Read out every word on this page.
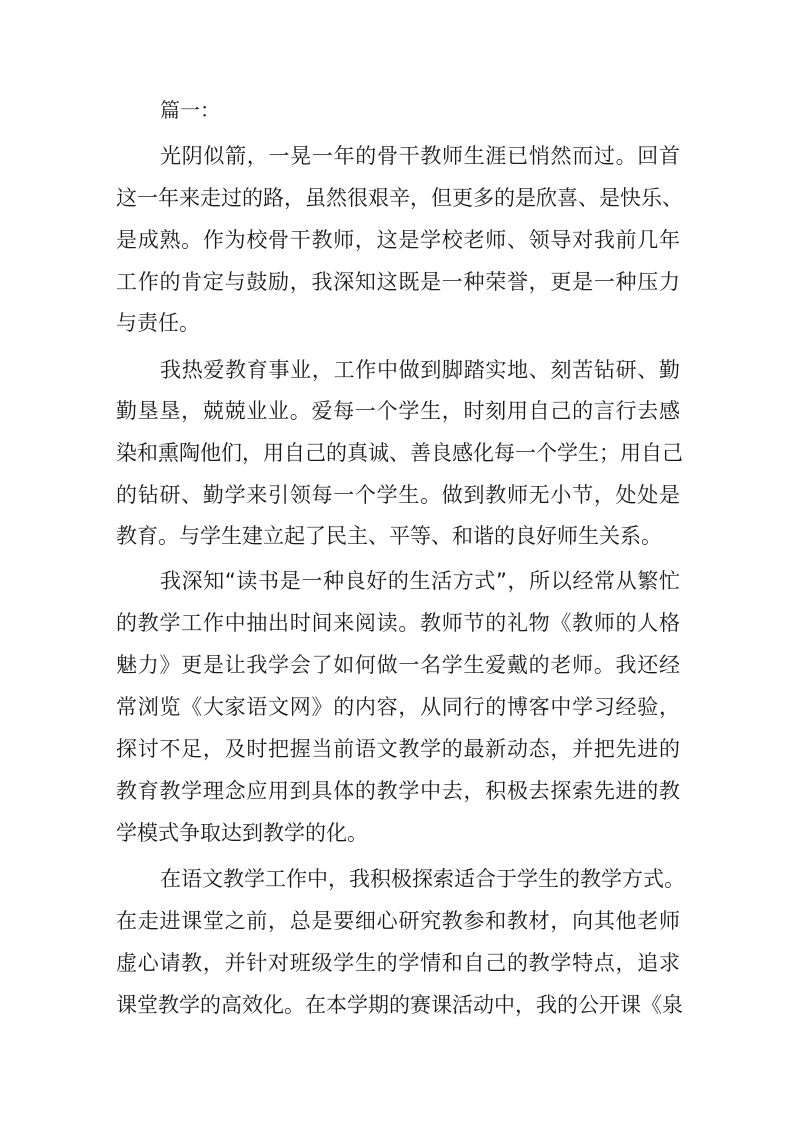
篇一：

光阴似箭，一晃一年的骨干教师生涯已悄然而过。回首

这一年来走过的路，虽然很艰辛，但更多的是欣喜、是快乐、

是成熟。作为校骨干教师，这是学校老师、领导对我前几年

工作的肯定与鼓励，我深知这既是一种荣誉，更是一种压力

与责任。

我热爱教育事业，工作中做到脚踏实地、刻苦钻研、勤

勤垦垦，兢兢业业。爱每一个学生，时刻用自己的言行去感

染和熏陶他们，用自己的真诚、善良感化每一个学生；用自己

的钻研、勤学来引领每一个学生。做到教师无小节，处处是

教育。与学生建立起了民主、平等、和谐的良好师生关系。

我深知“读书是一种良好的生活方式”，所以经常从繁忙

的教学工作中抽出时间来阅读。教师节的礼物《教师的人格

魅力》更是让我学会了如何做一名学生爱戴的老师。我还经

常浏览《大家语文网》的内容，从同行的博客中学习经验，

探讨不足，及时把握当前语文教学的最新动态，并把先进的

教育教学理念应用到具体的教学中去，积极去探索先进的教

学模式争取达到教学的化。

在语文教学工作中，我积极探索适合于学生的教学方式。

在走进课堂之前，总是要细心研究教参和教材，向其他老师

虚心请教，并针对班级学生的学情和自己的教学特点，追求

课堂教学的高效化。在本学期的赛课活动中，我的公开课《泉
